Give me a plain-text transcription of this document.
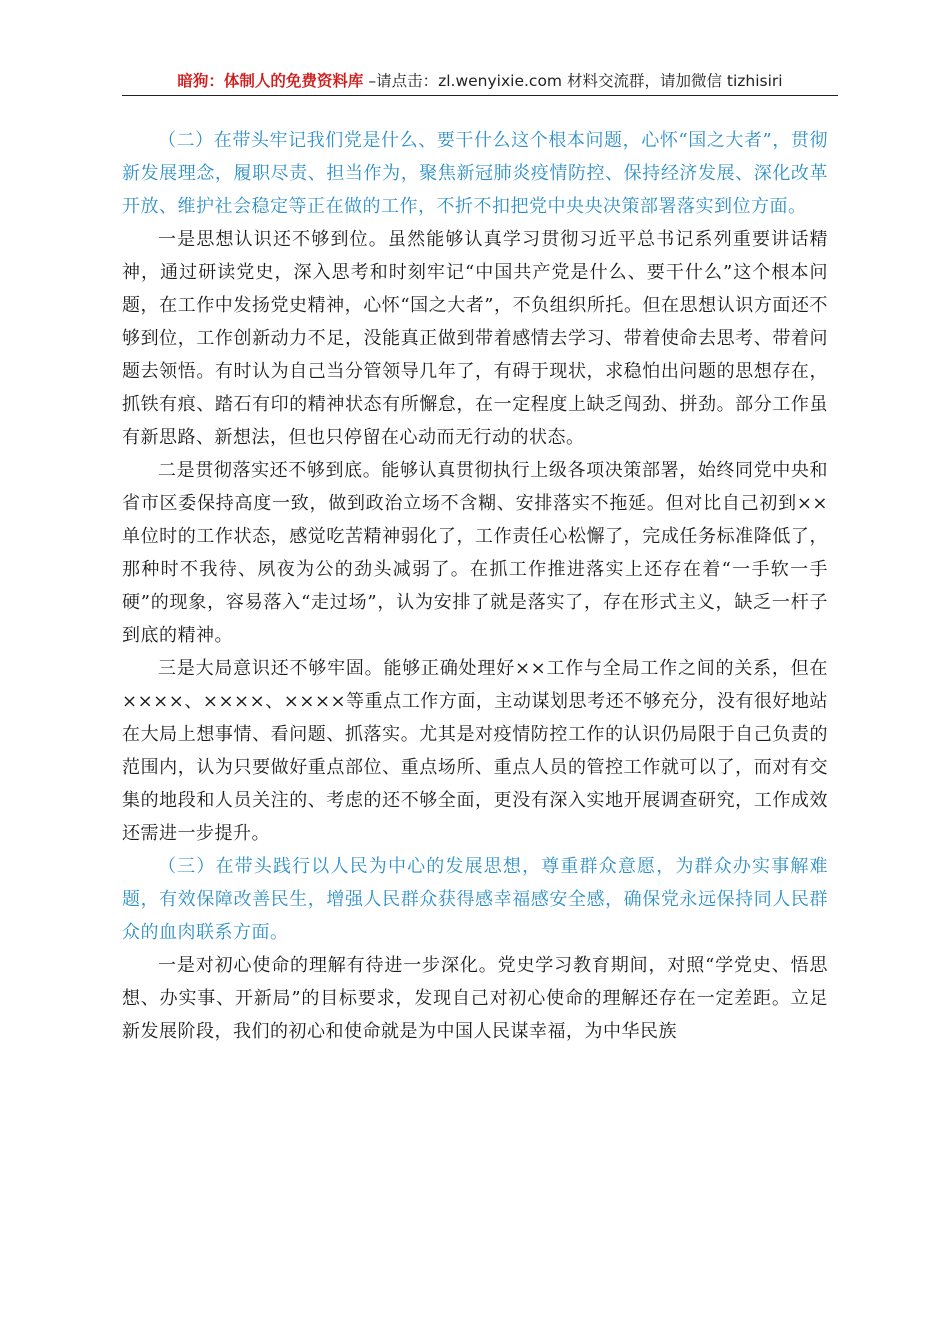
暗狗：体制人的免费资料库 –请点击：zl.wenyixie.com 材料交流群，请加微信 tizhisiri

（二）在带头牢记我们党是什么、要干什么这个根本问题，心怀“国之大者”，贯彻新发展理念，履职尽责、担当作为，聚焦新冠肺炎疫情防控、保持经济发展、深化改革开放、维护社会稳定等正在做的工作，不折不扣把党中央央决策部署落实到位方面。

一是思想认识还不够到位。虽然能够认真学习贯彻习近平总书记系列重要讲话精神，通过研读党史，深入思考和时刻牢记“中国共产党是什么、要干什么”这个根本问题，在工作中发扬党史精神，心怀“国之大者”，不负组织所托。但在思想认识方面还不够到位，工作创新动力不足，没能真正做到带着感情去学习、带着使命去思考、带着问题去领悟。有时认为自己当分管领导几年了，有碍于现状，求稳怕出问题的思想存在，抓铁有痕、踏石有印的精神状态有所懈怠，在一定程度上缺乏闯劲、拼劲。部分工作虽有新思路、新想法，但也只停留在心动而无行动的状态。

二是贯彻落实还不够到底。能够认真贯彻执行上级各项决策部署，始终同党中央和省市区委保持高度一致，做到政治立场不含糊、安排落实不拖延。但对比自己初到××单位时的工作状态，感觉吃苦精神弱化了，工作责任心松懈了，完成任务标准降低了，那种时不我待、夙夜为公的劲头减弱了。在抓工作推进落实上还存在着“一手软一手硬”的现象，容易落入“走过场”，认为安排了就是落实了，存在形式主义，缺乏一杆子到底的精神。

三是大局意识还不够牢固。能够正确处理好××工作与全局工作之间的关系，但在××××、××××、××××等重点工作方面，主动谋划思考还不够充分，没有很好地站在大局上想事情、看问题、抓落实。尤其是对疫情防控工作的认识仍局限于自己负责的范围内，认为只要做好重点部位、重点场所、重点人员的管控工作就可以了，而对有交集的地段和人员关注的、考虑的还不够全面，更没有深入实地开展调查研究，工作成效还需进一步提升。

（三）在带头践行以人民为中心的发展思想，尊重群众意愿，为群众办实事解难题，有效保障改善民生，增强人民群众获得感幸福感安全感，确保党永远保持同人民群众的血肉联系方面。

一是对初心使命的理解有待进一步深化。党史学习教育期间，对照“学党史、悟思想、办实事、开新局”的目标要求，发现自己对初心使命的理解还存在一定差距。立足新发展阶段，我们的初心和使命就是为中国人民谋幸福，为中华民族
